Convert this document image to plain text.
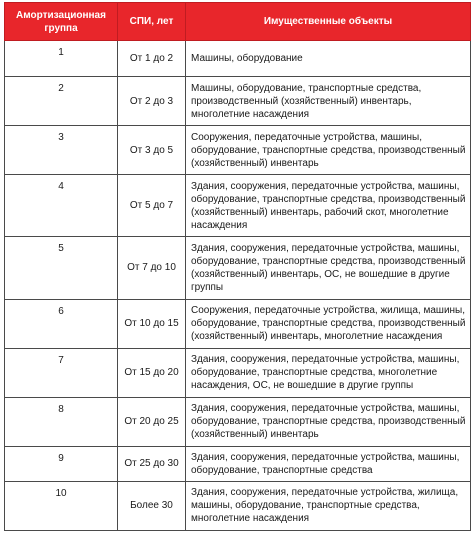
Амортизационная группа	СПИ, лет	Имущественные объекты
1	От 1 до 2	Машины, оборудование
2	От 2 до 3	Машины, оборудование, транспортные средства, производственный (хозяйственный) инвентарь, многолетние насаждения
3	От 3 до 5	Сооружения, передаточные устройства, машины, оборудование, транспортные средства, производственный (хозяйственный) инвентарь
4	От 5 до 7	Здания, сооружения, передаточные устройства, машины, оборудование, транспортные средства, производственный (хозяйственный) инвентарь, рабочий скот, многолетние насаждения
5	От 7 до 10	Здания, сооружения, передаточные устройства, машины, оборудование, транспортные средства, производственный (хозяйственный) инвентарь, ОС, не вошедшие в другие группы
6	От 10 до 15	Сооружения, передаточные устройства, жилища, машины, оборудование, транспортные средства, производственный (хозяйственный) инвентарь, многолетние насаждения
7	От 15 до 20	Здания, сооружения, передаточные устройства, машины, оборудование, транспортные средства, многолетние насаждения, ОС, не вошедшие в другие группы
8	От 20 до 25	Здания, сооружения, передаточные устройства, машины, оборудование, транспортные средства, производственный (хозяйственный) инвентарь
9	От 25 до 30	Здания, сооружения, передаточные устройства, машины, оборудование, транспортные средства
10	Более 30	Здания, сооружения, передаточные устройства, жилища, машины, оборудование, транспортные средства, многолетние насаждения
